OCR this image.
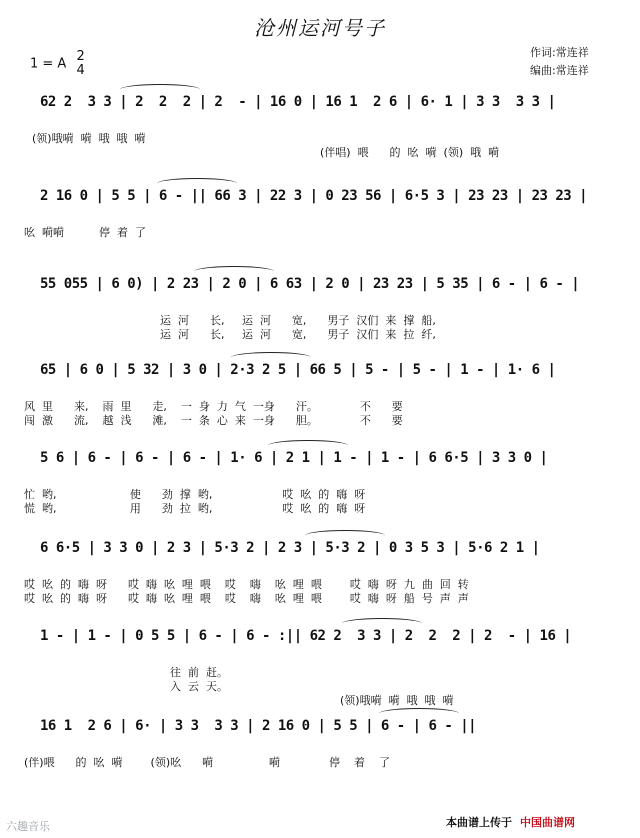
沧州运河号子
1 = A 2
4
作词:常连祥
编曲:常连祥
62 2  3 3 | 2  2  2 | 2  - | 16 0 | 16 1  2 6 | 6· 1 | 3 3  3 3 |
(领)哦嗬  嗬  哦  哦  嗬
(伴唱)  喂      的  吆  嗬  (领)  哦  嗬
2 16 0 | 5 5 | 6 - || 66 3 | 22 3 | 0 23 56 | 6·5 3 | 23 23 | 23 23 |
吆  嗬嗬          停  着  了
55 055 | 6 0) | 2 23 | 2 0 | 6 63 | 2 0 | 23 23 | 5 35 | 6 - | 6 - |
运  河      长,     运  河      宽,      男子  汉们  来  撑  船,
运  河      长,     运  河      宽,      男子  汉们  来  拉  纤,
65 | 6 0 | 5 32 | 3 0 | 2·3 2 5 | 66 5 | 5 - | 5 - | 1 - | 1· 6 |
风  里      来,    雨  里      走,    一  身  力  气  一身      汗。            不      要
闯  激      流,    越  浅      滩,    一  条  心  来  一身      胆。            不      要
5 6 | 6 - | 6 - | 6 - | 1· 6 | 2 1 | 1 - | 1 - | 6 6·5 | 3 3 0 |
忙  哟,                     使      劲  撑  哟,                    哎  吆  的  嗨  呀
慌  哟,                     用      劲  拉  哟,                    哎  吆  的  嗨  呀
6 6·5 | 3 3 0 | 2 3 | 5·3 2 | 2 3 | 5·3 2 | 0 3 5 3 | 5·6 2 1 |
哎  吆  的  嗨  呀      哎  嗨  吆  哩  喂    哎    嗨    吆  哩  喂        哎  嗨  呀  九  曲  回  转
哎  吆  的  嗨  呀      哎  嗨  吆  哩  喂    哎    嗨    吆  哩  喂        哎  嗨  呀  船  号  声  声
1 - | 1 - | 0 5 5 | 6 - | 6 - :|| 62 2  3 3 | 2  2  2 | 2  - | 16 |
往  前  赶。
入  云  天。
(领)哦嗬  嗬  哦  哦  嗬
16 1  2 6 | 6· | 3 3  3 3 | 2 16 0 | 5 5 | 6 - | 6 - ||
(伴)喂      的  吆  嗬        (领)吆      嗬                嗬              停    着    了
六趣音乐	本曲谱上传于 中国曲谱网
